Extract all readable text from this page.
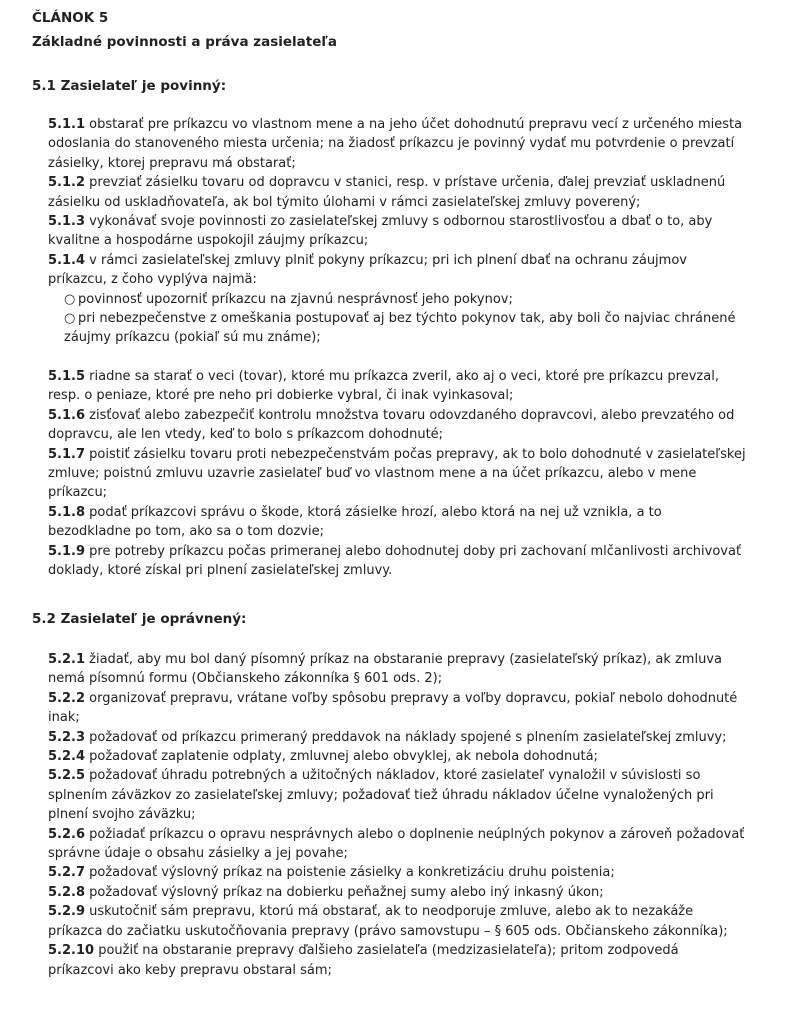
ČLÁNOK 5
Základné povinnosti a práva zasielateľa
5.1 Zasielateľ je povinný:

5.1.1 obstarať pre príkazcu vo vlastnom mene a na jeho účet dohodnutú prepravu vecí z určeného miesta odoslania do stanoveného miesta určenia; na žiadosť príkazcu je povinný vydať mu potvrdenie o prevzatí zásielky, ktorej prepravu má obstarať;

5.1.2 prevziať zásielku tovaru od dopravcu v stanici, resp. v prístave určenia, ďalej prevziať uskladnenú zásielku od uskladňovateľa, ak bol týmito úlohami v rámci zasielateľskej zmluvy poverený;

5.1.3 vykonávať svoje povinnosti zo zasielateľskej zmluvy s odbornou starostlivosťou a dbať o to, aby kvalitne a hospodárne uspokojil záujmy príkazcu;

5.1.4 v rámci zasielateľskej zmluvy plniť pokyny príkazcu; pri ich plnení dbať na ochranu záujmov príkazcu, z čoho vyplýva najmä:

○ povinnosť upozorniť príkazcu na zjavnú nesprávnosť jeho pokynov;
○ pri nebezpečenstve z omeškania postupovať aj bez týchto pokynov tak, aby boli čo najviac chránené záujmy príkazcu (pokiaľ sú mu známe);

5.1.5 riadne sa starať o veci (tovar), ktoré mu príkazca zveril, ako aj o veci, ktoré pre príkazcu prevzal, resp. o peniaze, ktoré pre neho pri dobierke vybral, či inak vyinkasoval;

5.1.6 zisťovať alebo zabezpečiť kontrolu množstva tovaru odovzdaného dopravcovi, alebo prevzatého od dopravcu, ale len vtedy, keď to bolo s príkazcom dohodnuté;

5.1.7 poistiť zásielku tovaru proti nebezpečenstvám počas prepravy, ak to bolo dohodnuté v zasielateľskej zmluve; poistnú zmluvu uzavrie zasielateľ buď vo vlastnom mene a na účet príkazcu, alebo v mene príkazcu;

5.1.8 podať príkazcovi správu o škode, ktorá zásielke hrozí, alebo ktorá na nej už vznikla, a to bezodkladne po tom, ako sa o tom dozvie;

5.1.9 pre potreby príkazcu počas primeranej alebo dohodnutej doby pri zachovaní mlčanlivosti archivovať doklady, ktoré získal pri plnení zasielateľskej zmluvy.

5.2 Zasielateľ je oprávnený:

5.2.1 žiadať, aby mu bol daný písomný príkaz na obstaranie prepravy (zasielateľský príkaz), ak zmluva nemá písomnú formu (Občianskeho zákonníka § 601 ods. 2);

5.2.2 organizovať prepravu, vrátane voľby spôsobu prepravy a voľby dopravcu, pokiaľ nebolo dohodnuté inak;

5.2.3 požadovať od príkazcu primeraný preddavok na náklady spojené s plnením zasielateľskej zmluvy;

5.2.4 požadovať zaplatenie odplaty, zmluvnej alebo obvyklej, ak nebola dohodnutá;

5.2.5 požadovať úhradu potrebných a užitočných nákladov, ktoré zasielateľ vynaložil v súvislosti so splnením záväzkov zo zasielateľskej zmluvy; požadovať tiež úhradu nákladov účelne vynaložených pri plnení svojho záväzku;

5.2.6 požiadať príkazcu o opravu nesprávnych alebo o doplnenie neúplných pokynov a zároveň požadovať správne údaje o obsahu zásielky a jej povahe;

5.2.7 požadovať výslovný príkaz na poistenie zásielky a konkretizáciu druhu poistenia;

5.2.8 požadovať výslovný príkaz na dobierku peňažnej sumy alebo iný inkasný úkon;

5.2.9 uskutočniť sám prepravu, ktorú má obstarať, ak to neodporuje zmluve, alebo ak to nezakáže príkazca do začiatku uskutočňovania prepravy (právo samovstupu – § 605 ods. Občianskeho zákonníka);

5.2.10 použiť na obstaranie prepravy ďalšieho zasielateľa (medzizasielateľa); pritom zodpovedá príkazcovi ako keby prepravu obstaral sám;
